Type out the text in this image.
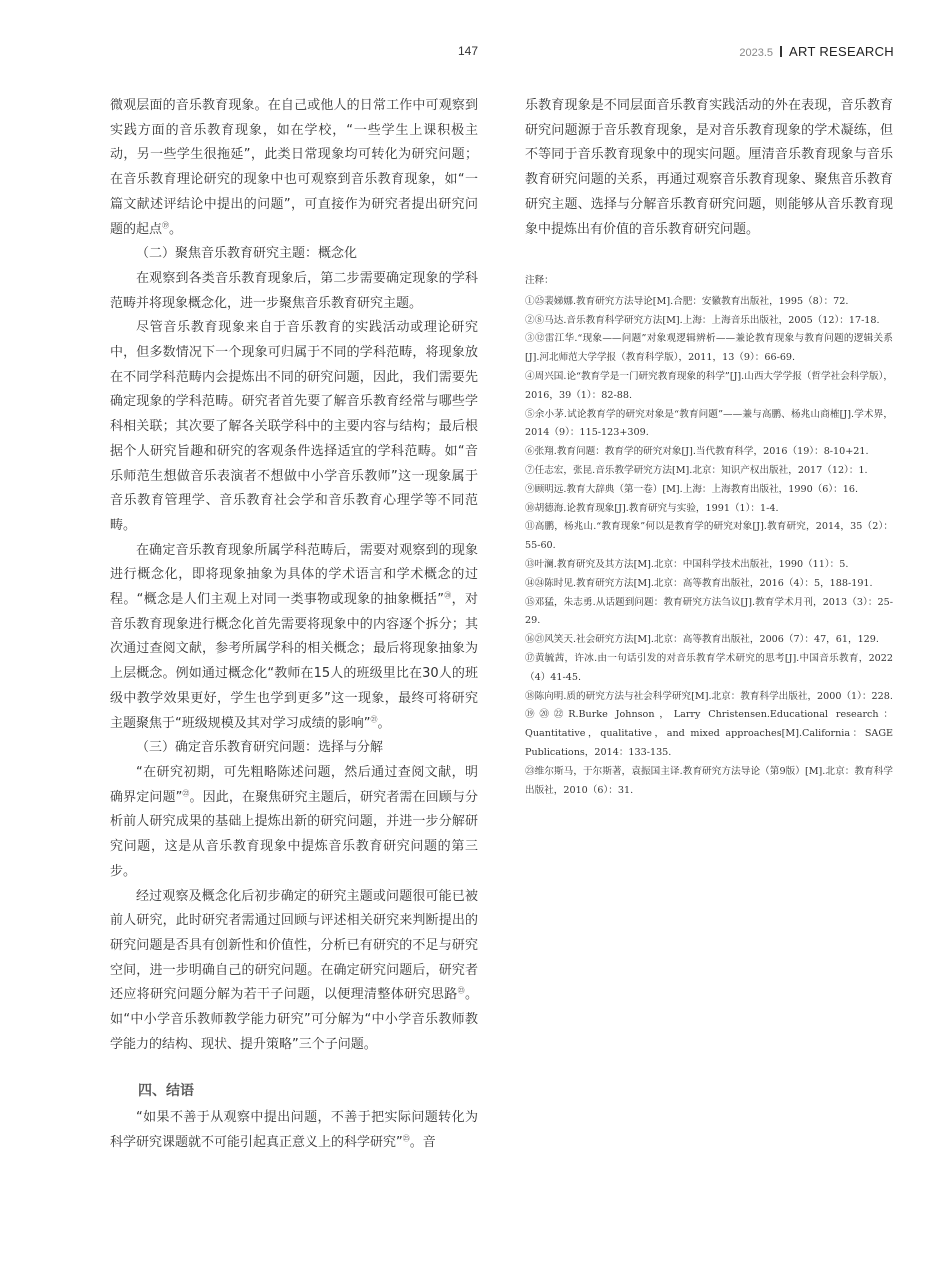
147	2023.5 ART RESEARCH

微观层面的音乐教育现象。在自己或他人的日常工作中可观察到实践方面的音乐教育现象，如在学校，“一些学生上课积极主动，另一些学生很拖延”，此类日常现象均可转化为研究问题；在音乐教育理论研究的现象中也可观察到音乐教育现象，如“一篇文献述评结论中提出的问题”，可直接作为研究者提出研究问题的起点⑲。

（二）聚焦音乐教育研究主题：概念化

在观察到各类音乐教育现象后，第二步需要确定现象的学科范畴并将现象概念化，进一步聚焦音乐教育研究主题。

尽管音乐教育现象来自于音乐教育的实践活动或理论研究中，但多数情况下一个现象可归属于不同的学科范畴，将现象放在不同学科范畴内会提炼出不同的研究问题，因此，我们需要先确定现象的学科范畴。研究者首先要了解音乐教育经常与哪些学科相关联；其次要了解各关联学科中的主要内容与结构；最后根据个人研究旨趣和研究的客观条件选择适宜的学科范畴。如“音乐师范生想做音乐表演者不想做中小学音乐教师”这一现象属于音乐教育管理学、音乐教育社会学和音乐教育心理学等不同范畴。

在确定音乐教育现象所属学科范畴后，需要对观察到的现象进行概念化，即将现象抽象为具体的学术语言和学术概念的过程。“概念是人们主观上对同一类事物或现象的抽象概括”⑳，对音乐教育现象进行概念化首先需要将现象中的内容逐个拆分；其次通过查阅文献，参考所属学科的相关概念；最后将现象抽象为上层概念。例如通过概念化“教师在15人的班级里比在30人的班级中教学效果更好，学生也学到更多”这一现象，最终可将研究主题聚焦于“班级规模及其对学习成绩的影响”$^㉑$。

（三）确定音乐教育研究问题：选择与分解

“在研究初期，可先粗略陈述问题，然后通过查阅文献，明确界定问题”$^㉒$。因此，在聚焦研究主题后，研究者需在回顾与分析前人研究成果的基础上提炼出新的研究问题，并进一步分解研究问题，这是从音乐教育现象中提炼音乐教育研究问题的第三步。

经过观察及概念化后初步确定的研究主题或问题很可能已被前人研究，此时研究者需通过回顾与评述相关研究来判断提出的研究问题是否具有创新性和价值性，分析已有研究的不足与研究空间，进一步明确自己的研究问题。在确定研究问题后，研究者还应将研究问题分解为若干子问题，以便理清整体研究思路$^㉓$。如“中小学音乐教师教学能力研究”可分解为“中小学音乐教师教学能力的结构、现状、提升策略”三个子问题。

四、结语

“如果不善于从观察中提出问题，不善于把实际问题转化为科学研究课题就不可能引起真正意义上的科学研究”$^㉕$。音

乐教育现象是不同层面音乐教育实践活动的外在表现，音乐教育研究问题源于音乐教育现象，是对音乐教育现象的学术凝练，但不等同于音乐教育现象中的现实问题。厘清音乐教育现象与音乐教育研究问题的关系，再通过观察音乐教育现象、聚焦音乐教育研究主题、选择与分解音乐教育研究问题，则能够从音乐教育现象中提炼出有价值的音乐教育研究问题。

注释：

①㉕裴娣娜.教育研究方法导论[M].合肥：安徽教育出版社，1995（8）：72.
②⑧马达.音乐教育科学研究方法[M].上海：上海音乐出版社，2005（12）：17-18.
③⑫雷江华.“现象——问题”对象观逻辑辨析——兼论教育现象与教育问题的逻辑关系[J].河北师范大学学报（教育科学版），2011，13（9）：66-69.
④周兴国.论“教育学是一门研究教育现象的科学”[J].山西大学学报（哲学社会科学版），2016，39（1）：82-88.
⑤余小茅.试论教育学的研究对象是“教育问题”——兼与高鹏、杨兆山商榷[J].学术界，2014（9）：115-123+309.
⑥张翔.教育问题：教育学的研究对象[J].当代教育科学，2016（19）：8-10+21.
⑦任志宏，张昆.音乐教学研究方法[M].北京：知识产权出版社，2017（12）：1.
⑨顾明远.教育大辞典（第一卷）[M].上海：上海教育出版社，1990（6）：16.
⑩胡德海.论教育现象[J].教育研究与实验，1991（1）：1-4.
⑪高鹏，杨兆山.“教育现象”何以是教育学的研究对象[J].教育研究，2014，35（2）：55-60.
⑬叶澜.教育研究及其方法[M].北京：中国科学技术出版社，1990（11）：5.
⑭㉔陈时见.教育研究方法[M].北京：高等教育出版社，2016（4）：5，188-191.
⑮邓猛，朱志勇.从话题到问题：教育研究方法刍议[J].教育学术月刊，2013（3）：25-29.
⑯㉑风笑天.社会研究方法[M].北京：高等教育出版社，2006（7）：47，61，129.
⑰黄毓茜，许冰.由一句话引发的对音乐教育学术研究的思考[J].中国音乐教育，2022（4）41-45.
⑱陈向明.质的研究方法与社会科学研究[M].北京：教育科学出版社，2000（1）：228.
⑲⑳㉒R.Burke Johnson，Larry Christensen.Educational research：Quantitative，qualitative，and mixed approaches[M].California：SAGE Publications，2014：133-135.
㉓维尔斯马，于尔斯著，袁振国主译.教育研究方法导论（第9版）[M].北京：教育科学出版社，2010（6）：31.
